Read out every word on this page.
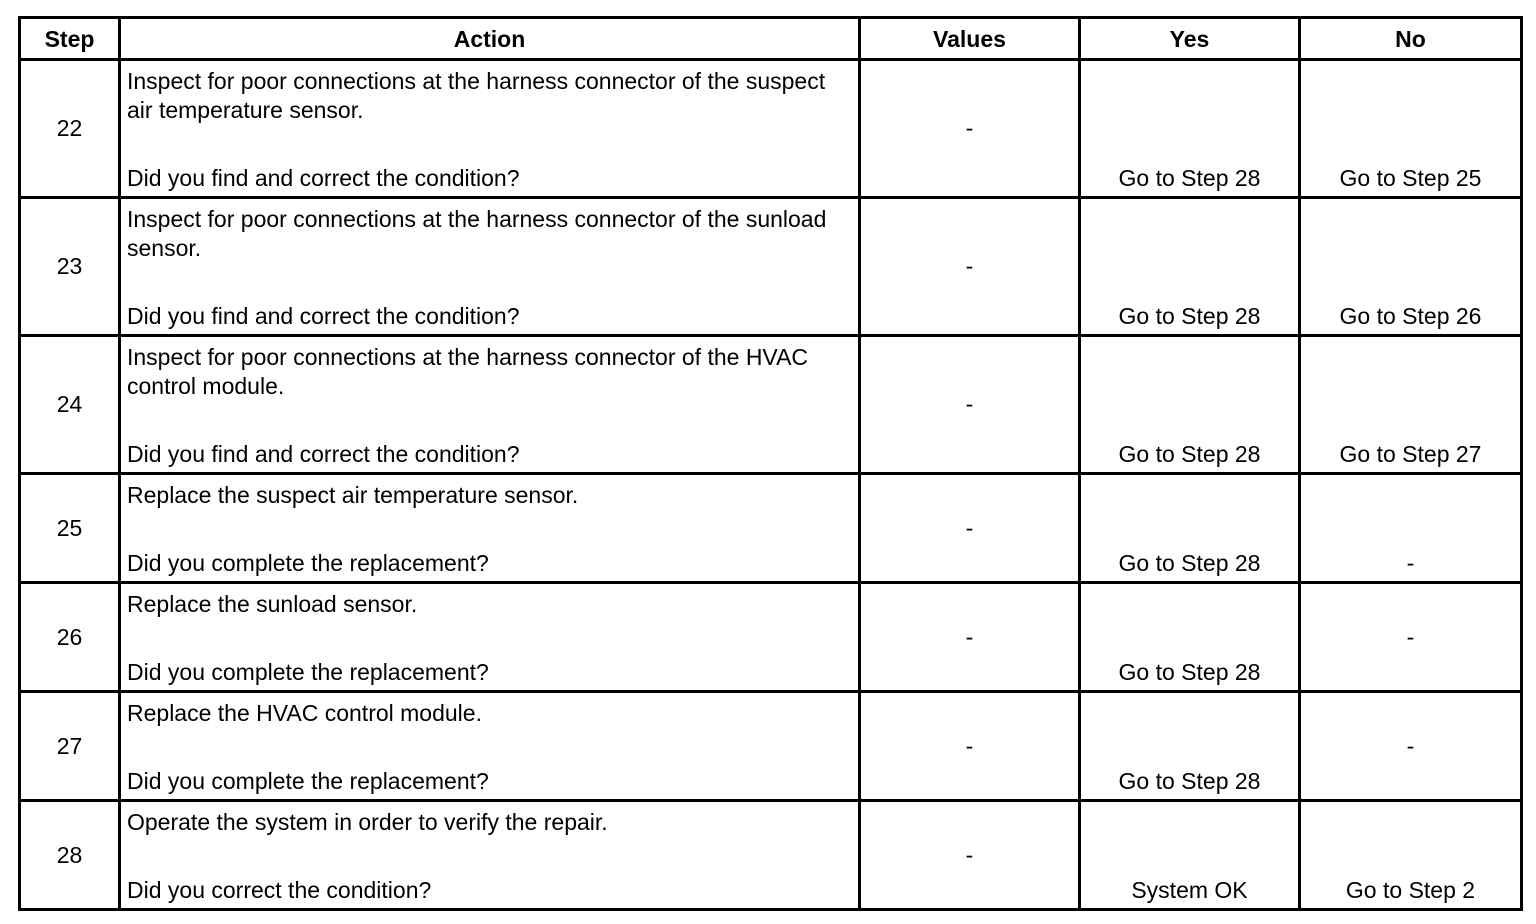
Step	Action	Values	Yes	No
22	Inspect for poor connections at the harness connector of the suspect air temperature sensor.
Did you find and correct the condition?	-	Go to Step 28	Go to Step 25

23	Inspect for poor connections at the harness connector of the sunload sensor.
Did you find and correct the condition?	-	Go to Step 28	Go to Step 26

24	Inspect for poor connections at the harness connector of the HVAC control module.
Did you find and correct the condition?	-	Go to Step 28	Go to Step 27

25	Replace the suspect air temperature sensor.
Did you complete the replacement?	-	Go to Step 28	-

26	Replace the sunload sensor.
Did you complete the replacement?	-	Go to Step 28	-
27	Replace the HVAC control module.
Did you complete the replacement?	-	Go to Step 28	-
28	Operate the system in order to verify the repair.
Did you correct the condition?	-	System OK	Go to Step 2
